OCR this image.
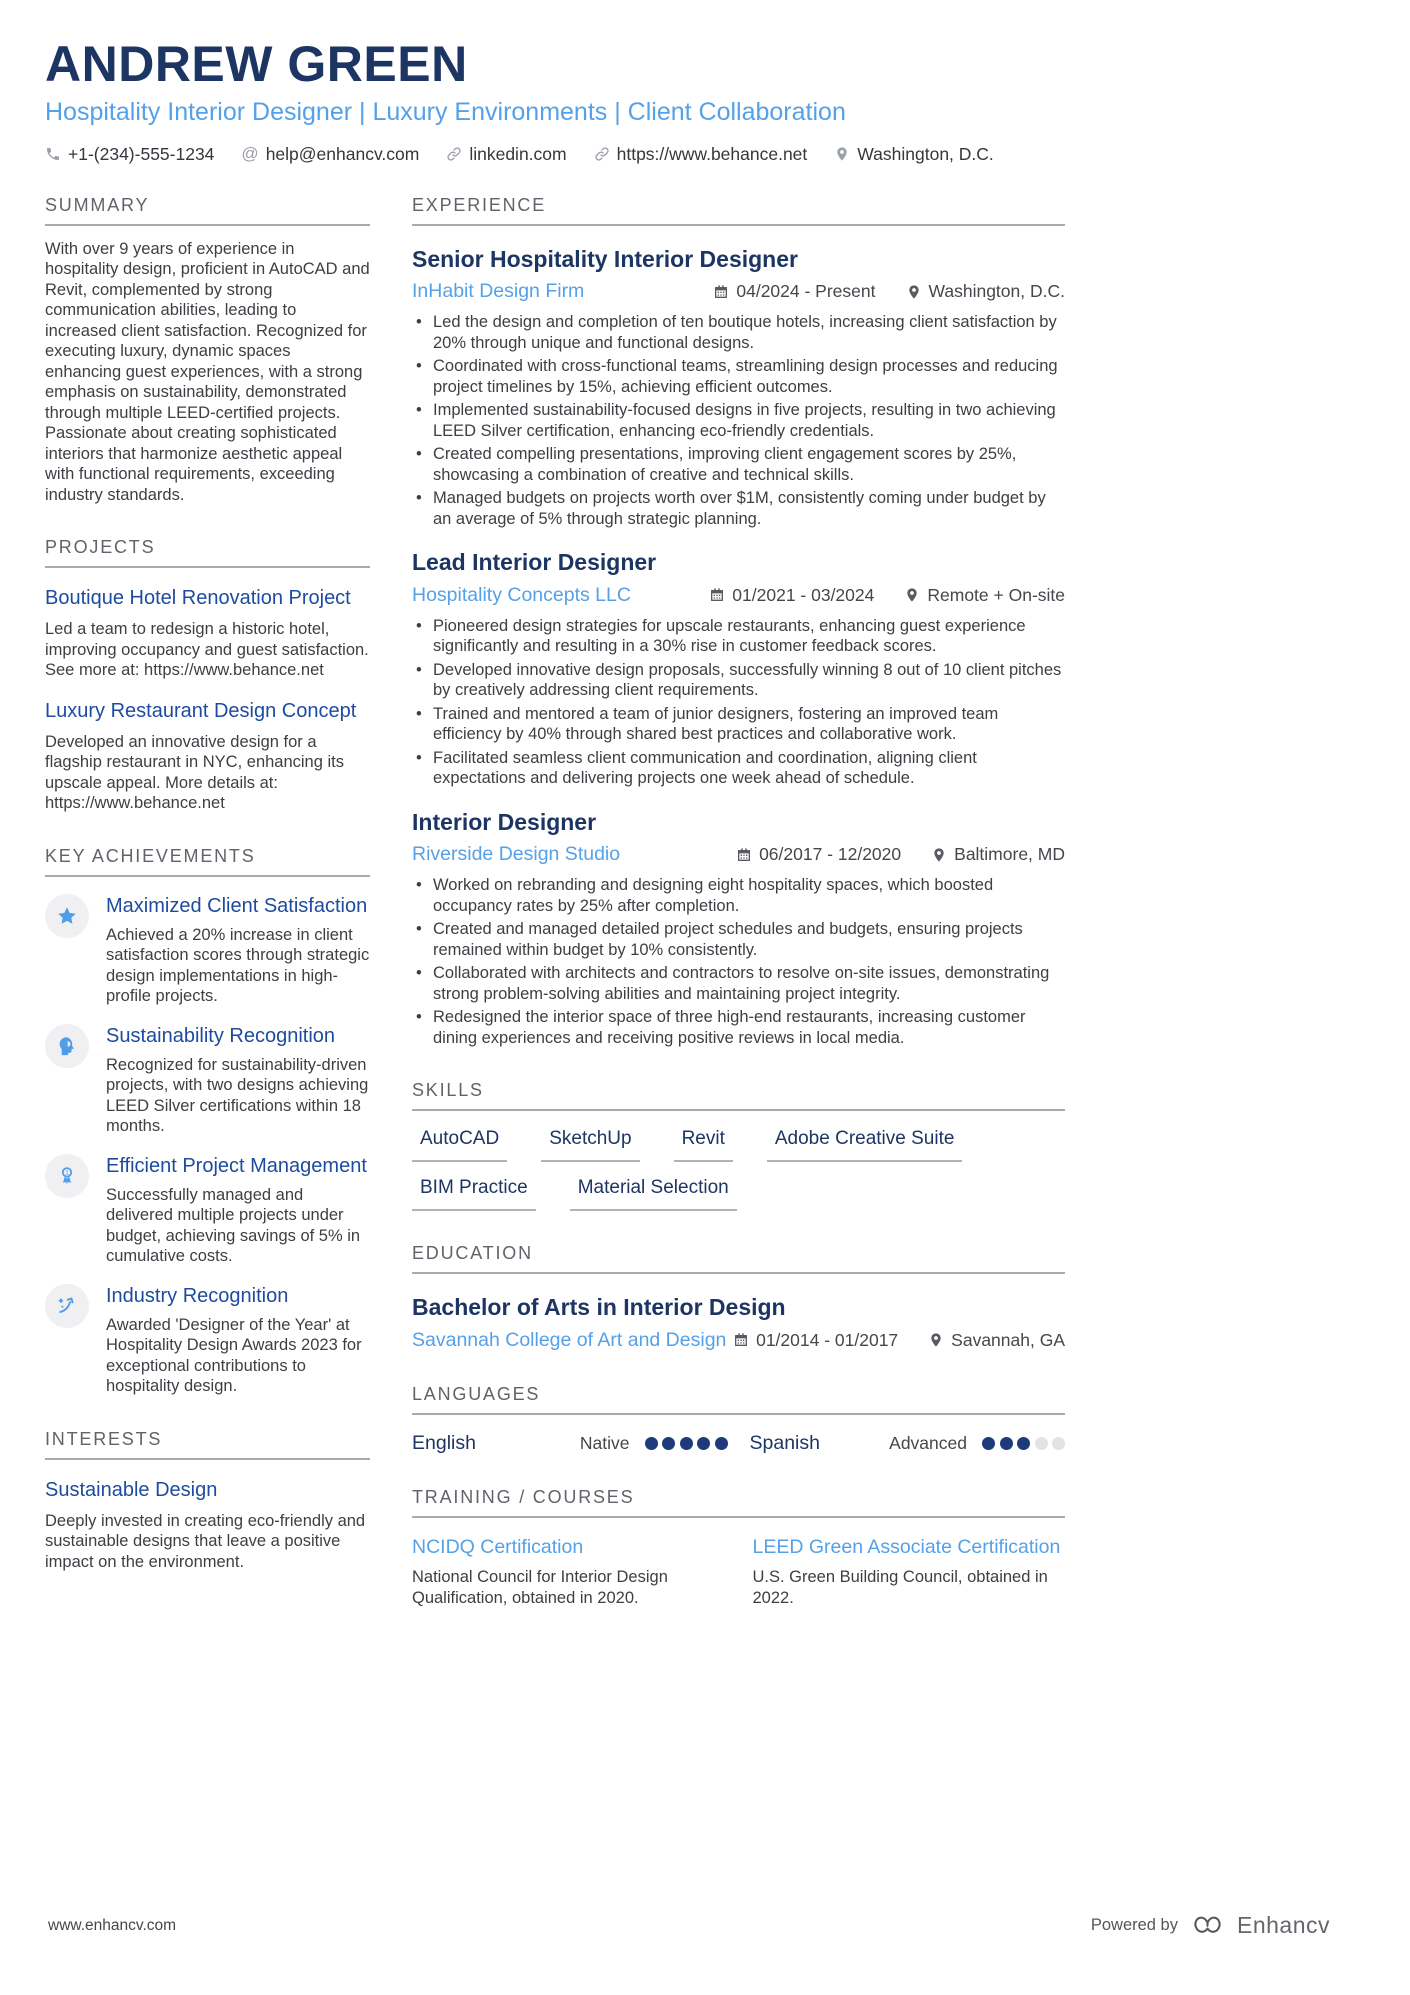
ANDREW GREEN
Hospitality Interior Designer | Luxury Environments | Client Collaboration
+1-(234)-555-1234 @ help@enhancv.com	linkedin.com	https://www.behance.net	Washington, D.C.
SUMMARY

With over 9 years of experience in hospitality design, proficient in AutoCAD and Revit, complemented by strong communication abilities, leading to increased client satisfaction. Recognized for executing luxury, dynamic spaces enhancing guest experiences, with a strong emphasis on sustainability, demonstrated through multiple LEED-certified projects. Passionate about creating sophisticated interiors that harmonize aesthetic appeal with functional requirements, exceeding industry standards.

PROJECTS
Boutique Hotel Renovation Project
Led a team to redesign a historic hotel, improving occupancy and guest satisfaction. See more at: https://www.behance.net
Luxury Restaurant Design Concept
Developed an innovative design for a flagship restaurant in NYC, enhancing its upscale appeal. More details at: https://www.behance.net
KEY ACHIEVEMENTS
Maximized Client Satisfaction
Achieved a 20% increase in client satisfaction scores through strategic design implementations in high-profile projects.
Sustainability Recognition
Recognized for sustainability-driven projects, with two designs achieving LEED Silver certifications within 18 months.
1 Efficient Project Management
Successfully managed and delivered multiple projects under budget, achieving savings of 5% in cumulative costs.
Industry Recognition
Awarded 'Designer of the Year' at Hospitality Design Awards 2023 for exceptional contributions to hospitality design.
INTERESTS
Sustainable Design
Deeply invested in creating eco-friendly and sustainable designs that leave a positive impact on the environment.
EXPERIENCE
Senior Hospitality Interior Designer
InHabit Design Firm	04/2024 - Present	Washington, D.C.
• Led the design and completion of ten boutique hotels, increasing client satisfaction by 20% through unique and functional designs.
• Coordinated with cross-functional teams, streamlining design processes and reducing project timelines by 15%, achieving efficient outcomes.
• Implemented sustainability-focused designs in five projects, resulting in two achieving LEED Silver certification, enhancing eco-friendly credentials.
• Created compelling presentations, improving client engagement scores by 25%, showcasing a combination of creative and technical skills.
• Managed budgets on projects worth over $1M, consistently coming under budget by an average of 5% through strategic planning.
Lead Interior Designer
Hospitality Concepts LLC	01/2021 - 03/2024	Remote + On-site
• Pioneered design strategies for upscale restaurants, enhancing guest experience significantly and resulting in a 30% rise in customer feedback scores.
• Developed innovative design proposals, successfully winning 8 out of 10 client pitches by creatively addressing client requirements.
• Trained and mentored a team of junior designers, fostering an improved team efficiency by 40% through shared best practices and collaborative work.
• Facilitated seamless client communication and coordination, aligning client expectations and delivering projects one week ahead of schedule.
Interior Designer
Riverside Design Studio	06/2017 - 12/2020	Baltimore, MD
• Worked on rebranding and designing eight hospitality spaces, which boosted occupancy rates by 25% after completion.
• Created and managed detailed project schedules and budgets, ensuring projects remained within budget by 10% consistently.
• Collaborated with architects and contractors to resolve on-site issues, demonstrating strong problem-solving abilities and maintaining project integrity.
• Redesigned the interior space of three high-end restaurants, increasing customer dining experiences and receiving positive reviews in local media.
SKILLS
AutoCAD	SketchUp	Revit	Adobe Creative Suite
BIM Practice	Material Selection
EDUCATION
Bachelor of Arts in Interior Design
Savannah College of Art and Design	01/2014 - 01/2017	Savannah, GA
LANGUAGES
English	Native	Spanish	Advanced
TRAINING / COURSES
NCIDQ Certification
National Council for Interior Design Qualification, obtained in 2020.
LEED Green Associate Certification
U.S. Green Building Council, obtained in 2022.
www.enhancv.com	Powered by	Enhancv
